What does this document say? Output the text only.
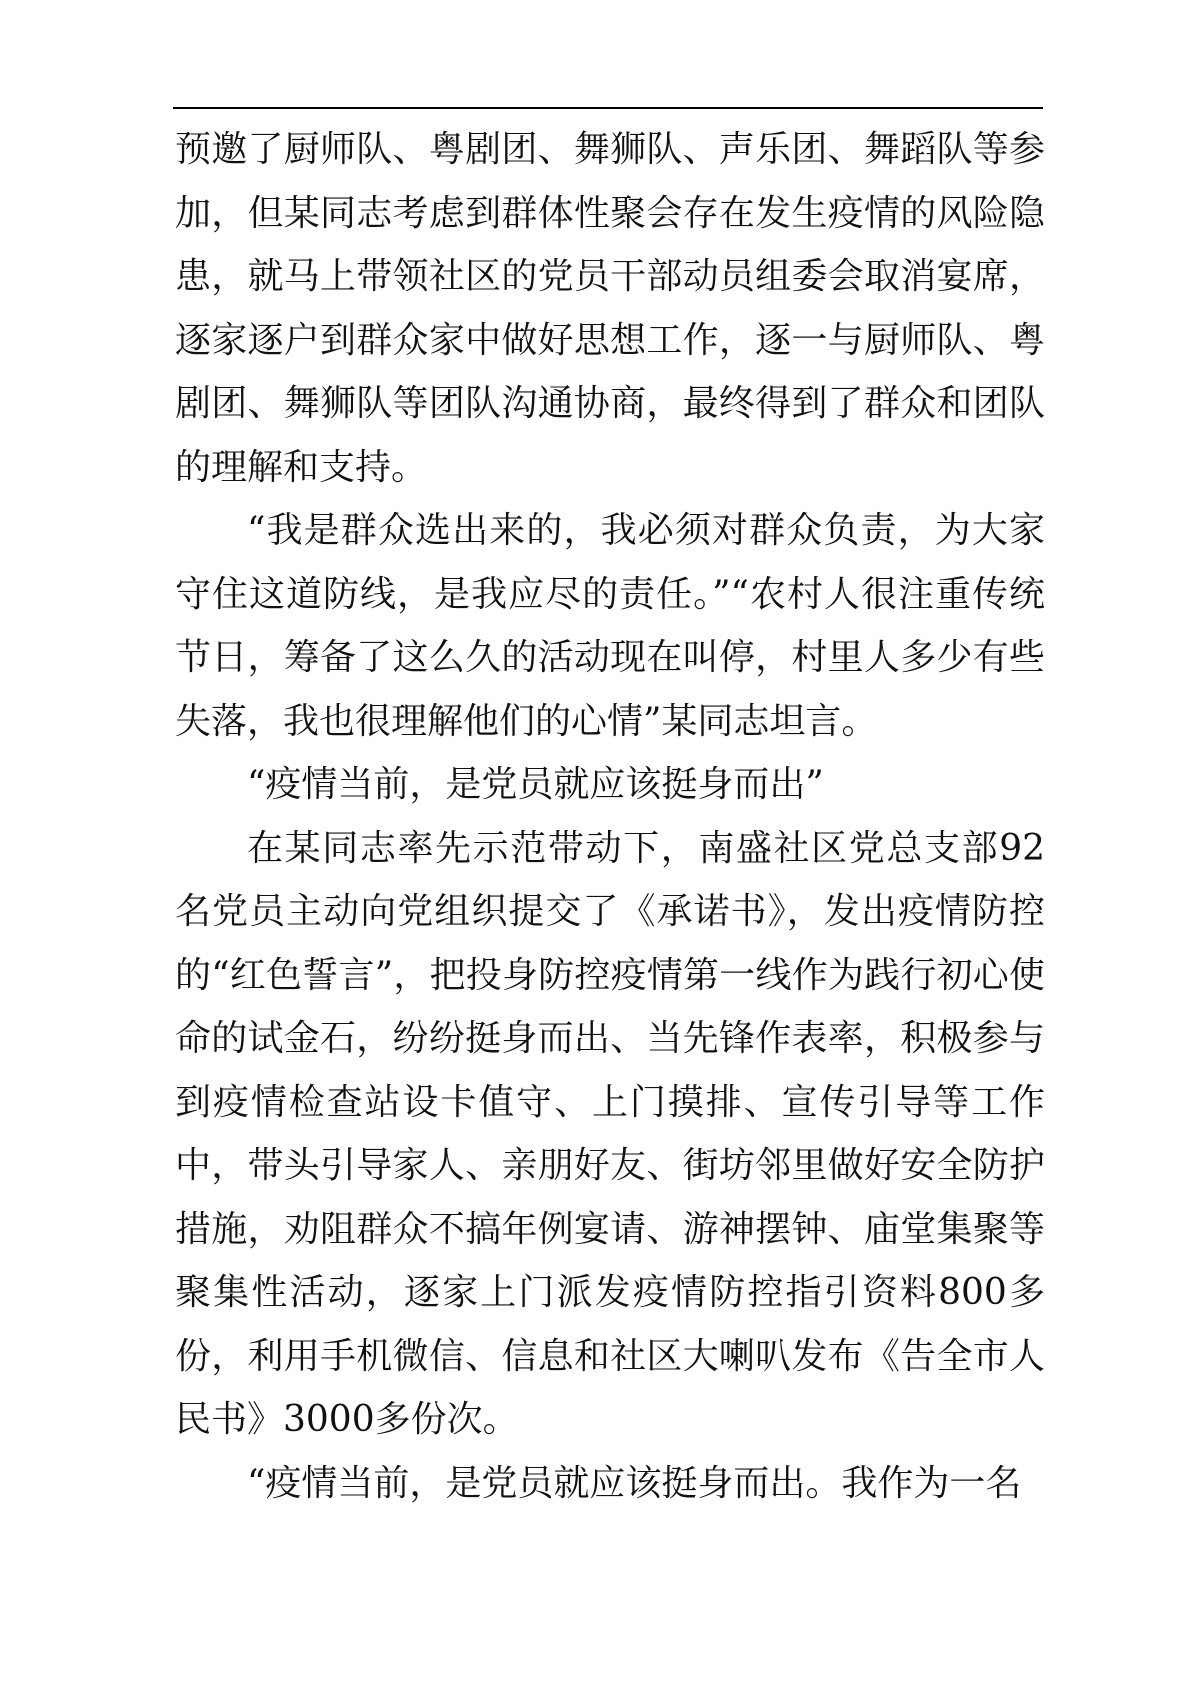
预邀了厨师队、粤剧团、舞狮队、声乐团、舞蹈队等参加，但某同志考虑到群体性聚会存在发生疫情的风险隐患，就马上带领社区的党员干部动员组委会取消宴席，逐家逐户到群众家中做好思想工作，逐一与厨师队、粤剧团、舞狮队等团队沟通协商，最终得到了群众和团队的理解和支持。

“我是群众选出来的，我必须对群众负责，为大家守住这道防线，是我应尽的责任。”“农村人很注重传统节日，筹备了这么久的活动现在叫停，村里人多少有些失落，我也很理解他们的心情”某同志坦言。

“疫情当前，是党员就应该挺身而出”

在某同志率先示范带动下，南盛社区党总支部92名党员主动向党组织提交了《承诺书》，发出疫情防控的“红色誓言”，把投身防控疫情第一线作为践行初心使命的试金石，纷纷挺身而出、当先锋作表率，积极参与到疫情检查站设卡值守、上门摸排、宣传引导等工作中，带头引导家人、亲朋好友、街坊邻里做好安全防护措施，劝阻群众不搞年例宴请、游神摆钟、庙堂集聚等聚集性活动，逐家上门派发疫情防控指引资料800多份，利用手机微信、信息和社区大喇叭发布《告全市人民书》3000多份次。

“疫情当前，是党员就应该挺身而出。我作为一名
